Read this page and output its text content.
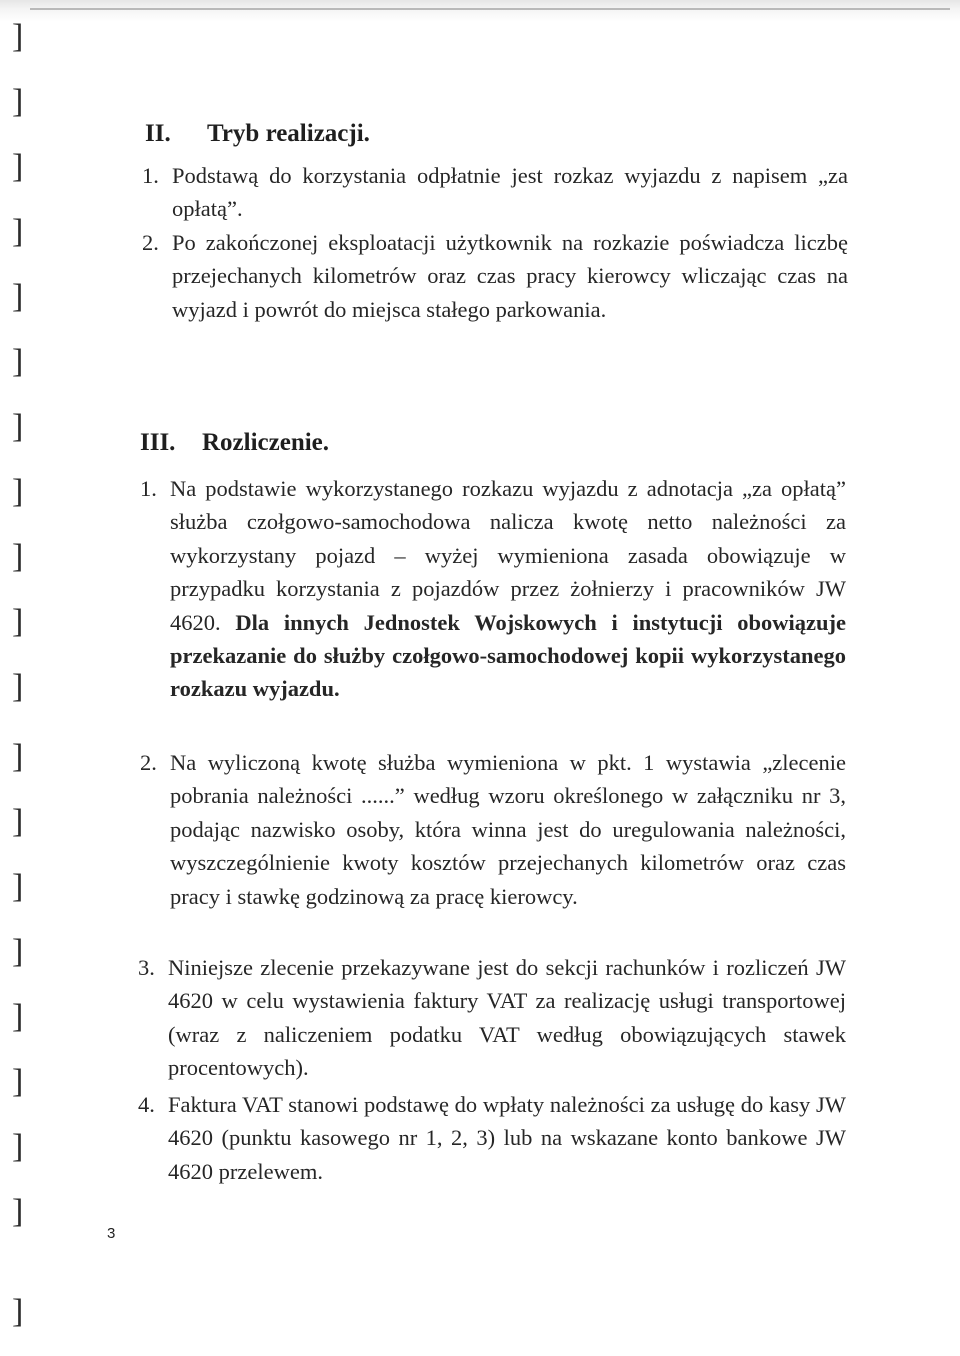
]
]
]
]
]
]
]
]
]
]
]
]
]
]
]
]
]
]
]
]
II. Tryb realizacji.
1. Podstawą do korzystania odpłatnie jest rozkaz wyjazdu z napisem „za opłatą”.
2. Po zakończonej eksploatacji użytkownik na rozkazie poświadcza liczbę przejechanych kilometrów oraz czas pracy kierowcy wliczając czas na wyjazd i powrót do miejsca stałego parkowania.
III. Rozliczenie.
1. Na podstawie wykorzystanego rozkazu wyjazdu z adnotacja „za opłatą” służba czołgowo-samochodowa nalicza kwotę netto należności za wykorzystany pojazd – wyżej wymieniona zasada obowiązuje w przypadku korzystania z pojazdów przez żołnierzy i pracowników JW 4620. Dla innych Jednostek Wojskowych i instytucji obowiązuje przekazanie do służby czołgowo-samochodowej kopii wykorzystanego rozkazu wyjazdu.
2. Na wyliczoną kwotę służba wymieniona w pkt. 1 wystawia „zlecenie pobrania należności ......” według wzoru określonego w załączniku nr 3, podając nazwisko osoby, która winna jest do uregulowania należności, wyszczególnienie kwoty kosztów przejechanych kilometrów oraz czas pracy i stawkę godzinową za pracę kierowcy.
3. Niniejsze zlecenie przekazywane jest do sekcji rachunków i rozliczeń JW 4620 w celu wystawienia faktury VAT za realizację usługi transportowej (wraz z naliczeniem podatku VAT według obowiązujących stawek procentowych).
4. Faktura VAT stanowi podstawę do wpłaty należności za usługę do kasy JW 4620 (punktu kasowego nr 1, 2, 3) lub na wskazane konto bankowe JW 4620 przelewem.
3
